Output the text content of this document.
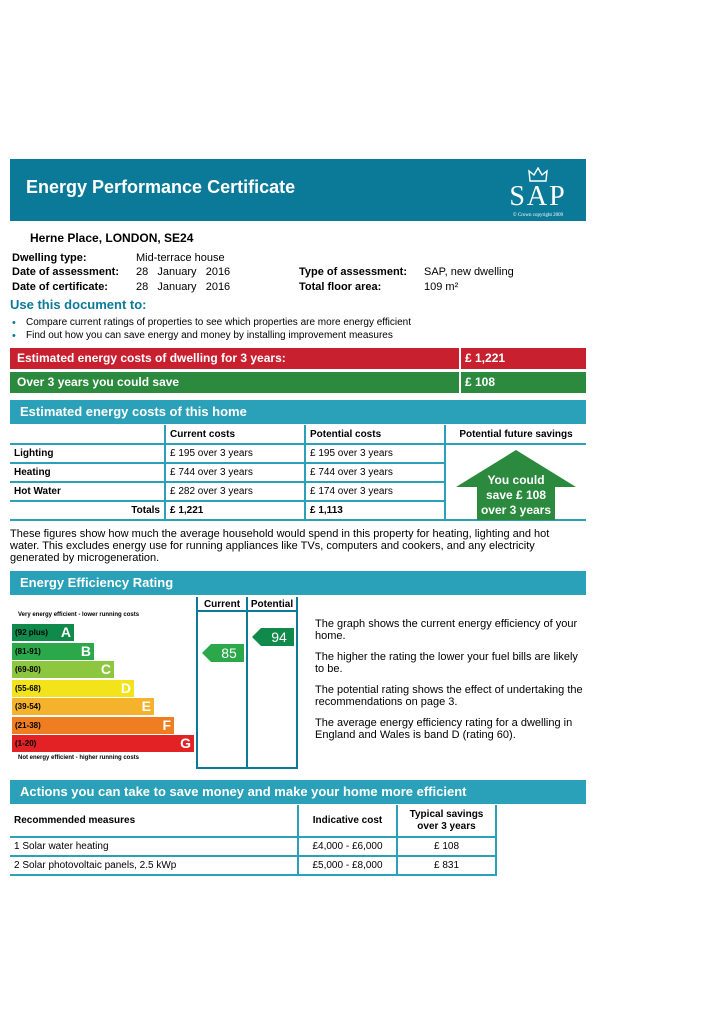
Energy Performance Certificate	SAP
© Crown copyright 2009
Herne Place, LONDON, SE24
Dwelling type:	Mid-terrace house
Date of assessment: 28   January   2016
Date of certificate:	28   January   2016
Type of assessment: SAP, new dwelling
Total floor area:	109 m²
Use this document to:
• Compare current ratings of properties to see which properties are more energy efficient
• Find out how you can save energy and money by installing improvement measures
Estimated energy costs of dwelling for 3 years:	£ 1,221
Over 3 years you could save	£ 108
Estimated energy costs of this home
	Current costs	Potential costs	Potential future savings
Lighting	£ 195 over 3 years	£ 195 over 3 years	
Heating	£ 744 over 3 years	£ 744 over 3 years	
Hot Water	£ 282 over 3 years	£ 174 over 3 years	
Totals	£ 1,221	£ 1,113	
You could
save £ 108
over 3 years
These figures show how much the average household would spend in this property for heating, lighting and hot water. This excludes energy use for running appliances like TVs, computers and cookers, and any electricity generated by microgeneration.
Energy Efficiency Rating
Current	Potential
Very energy efficient - lower running costs
Not energy efficient - higher running costs
(92 plus) A
(81-91)	B
(69-80)	C
(55-68)	D
(39-54)	E
(21-38)	F
(1-20)	G
85
94

The graph shows the current energy efficiency of your home.

The higher the rating the lower your fuel bills are likely to be.

The potential rating shows the effect of undertaking the recommendations on page 3.

The average energy efficiency rating for a dwelling in England and Wales is band D (rating 60).

Actions you can take to save money and make your home more efficient
Recommended measures	Indicative cost	Typical savings over 3 years
1 Solar water heating	£4,000 - £6,000	£ 108
2 Solar photovoltaic panels, 2.5 kWp	£5,000 - £8,000	£ 831
